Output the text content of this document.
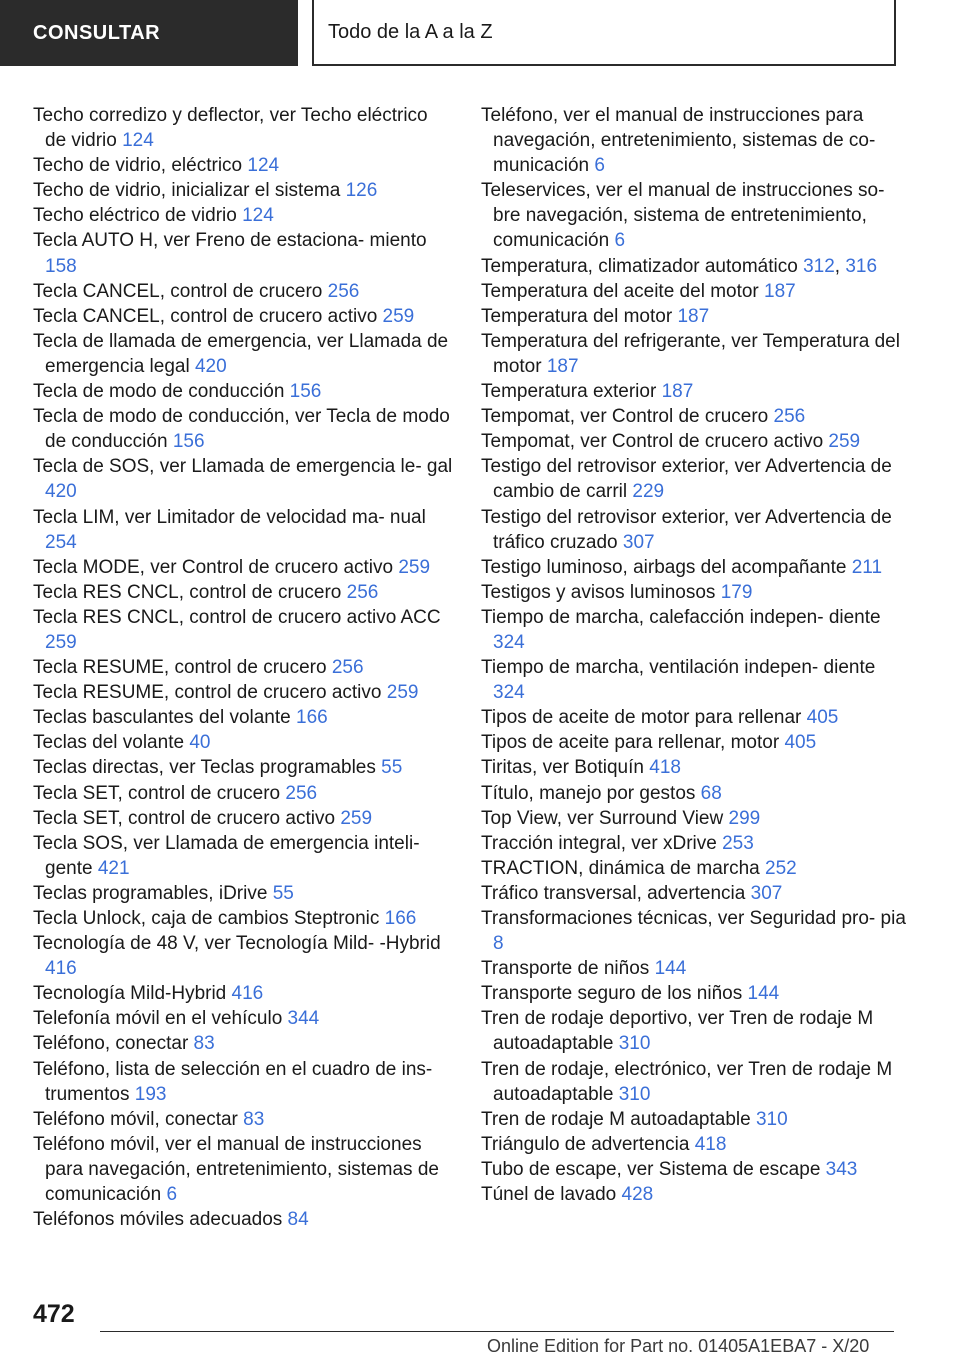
CONSULTAR	Todo de la A a la Z

Techo corredizo y deflector, ver Techo eléctrico de vidrio 124

Techo de vidrio, eléctrico 124

Techo de vidrio, inicializar el sistema 126

Techo eléctrico de vidrio 124

Tecla AUTO H, ver Freno de estaciona‐ miento 158

Tecla CANCEL, control de crucero 256

Tecla CANCEL, control de crucero activo 259

Tecla de llamada de emergencia, ver Llamada de emergencia legal 420

Tecla de modo de conducción 156

Tecla de modo de conducción, ver Tecla de modo de conducción 156

Tecla de SOS, ver Llamada de emergencia le‐ gal 420

Tecla LIM, ver Limitador de velocidad ma‐ nual 254

Tecla MODE, ver Control de crucero activo 259

Tecla RES CNCL, control de crucero 256

Tecla RES CNCL, control de crucero activo ACC 259

Tecla RESUME, control de crucero 256

Tecla RESUME, control de crucero activo 259

Teclas basculantes del volante 166

Teclas del volante 40

Teclas directas, ver Teclas programables 55

Tecla SET, control de crucero 256

Tecla SET, control de crucero activo 259

Tecla SOS, ver Llamada de emergencia inteli‐ gente 421

Teclas programables, iDrive 55

Tecla Unlock, caja de cambios Steptronic 166

Tecnología de 48 V, ver Tecnología Mild- ‑Hybrid 416

Tecnología Mild-Hybrid 416

Telefonía móvil en el vehículo 344

Teléfono, conectar 83

Teléfono, lista de selección en el cuadro de ins‐ trumentos 193

Teléfono móvil, conectar 83

Teléfono móvil, ver el manual de instrucciones para navegación, entretenimiento, sistemas de comunicación 6

Teléfonos móviles adecuados 84

Teléfono, ver el manual de instrucciones para navegación, entretenimiento, sistemas de co‐ municación 6

Teleservices, ver el manual de instrucciones so‐ bre navegación, sistema de entretenimiento, comunicación 6

Temperatura, climatizador automático 312, 316

Temperatura del aceite del motor 187

Temperatura del motor 187

Temperatura del refrigerante, ver Temperatura del motor 187

Temperatura exterior 187

Tempomat, ver Control de crucero 256

Tempomat, ver Control de crucero activo 259

Testigo del retrovisor exterior, ver Advertencia de cambio de carril 229

Testigo del retrovisor exterior, ver Advertencia de tráfico cruzado 307

Testigo luminoso, airbags del acompañante 211

Testigos y avisos luminosos 179

Tiempo de marcha, calefacción indepen‐ diente 324

Tiempo de marcha, ventilación indepen‐ diente 324

Tipos de aceite de motor para rellenar 405

Tipos de aceite para rellenar, motor 405

Tiritas, ver Botiquín 418

Título, manejo por gestos 68

Top View, ver Surround View 299

Tracción integral, ver xDrive 253

TRACTION, dinámica de marcha 252

Tráfico transversal, advertencia 307

Transformaciones técnicas, ver Seguridad pro‐ pia 8

Transporte de niños 144

Transporte seguro de los niños 144

Tren de rodaje deportivo, ver Tren de rodaje M autoadaptable 310

Tren de rodaje, electrónico, ver Tren de rodaje M autoadaptable 310

Tren de rodaje M autoadaptable 310

Triángulo de advertencia 418

Tubo de escape, ver Sistema de escape 343

Túnel de lavado 428

472
Online Edition for Part no. 01405A1EBA7 - X/20
